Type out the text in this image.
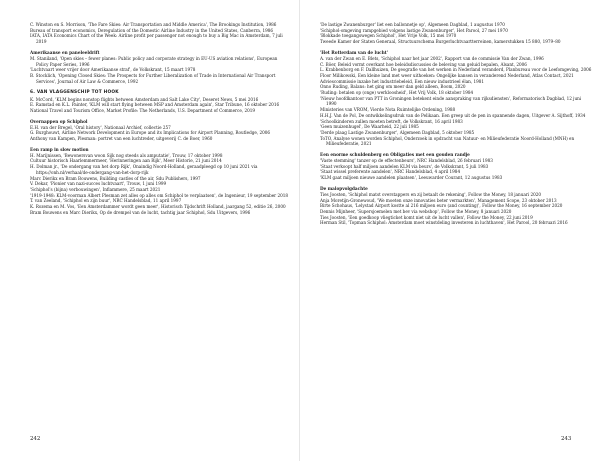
C. Winston en S. Morrison, 'The Fare Skies: Air Transportation and Middle America', The Brookings Institution, 1986
Bureau of transport economics, Deregulation of the Domestic Airline Industry in the United States, Canberra, 1986
IATA, IATA Economics Chart of the Week: Airline profit per passenger not enough to buy a Big Mac in Amsterdam, 7 juli 2019
Amerikaanse en paneleeldrift
M. Staniland, 'Open skies – fewer planes: Public policy and corporate strategy in EU-US aviation relations', European Policy Paper Series, 1996
'Luchtvaart weer vrijer door Amerikaanse straf', de Volkskrant, 15 maart 1978
B. Stocklich, 'Opening Closed Skies: The Prospects for Further Liberalization of Trade in International Air Transport Services', Journal of Air Law & Commerce, 1992
6. VAN VLAGGENSCHIP TOT HOOK
K. McCord, 'KLM begins nonstop flights between Amsterdam and Salt Lake City', Deseret News, 5 mei 2016
E. Ramstad en K.L. Painter, 'KLM will start flying between MSP and Amsterdam again', Star Tribune, 16 oktober 2016
National Travel and Tourism Office, Market Profile: The Netherlands, U.S. Department of Commerce, 2019
Overnappen op Schiphol
E.H. van der Bregel, 'Oral history', Nationaal Archief, collectie 257
G. Burghouwt, Airline Network Development in Europe and its Implications for Airport Planning, Routledge, 2006
Anthony van Kampen, Plesman: portret van een luchtreder, uitgeverij C. de Boer, 1960
Een ramp in slow motion
H. Marijnissen, 'Bewonersvan woon Sijk nog steeds als amputatie', Trouw, 17 oktober 1998
Cultuur historisch Haarlemmermeer, 'Herinneringen aan Rijk', Meer Historie, 21 juni 2014
H. Dolman jr., 'De ondergang van het dorp Rijk', Onaindig Noord-Holland, geraadpleegd op 10 juni 2021 via https://onh.nl/verhaal/de-ondergang-van-het-dorp-rijk
Marc Dierikx en Bram Bouwens, Building castles of the air, Sdu Publishers, 1997
V. Dekar, 'Pionier van nazi-succes luchtvaart', Trouw, 1 juni 1999
'Schiphol's (bijna) verbouwingen', Inflammere, 25 maart 2021
'1919-1948: KLM-voorman Albert Plesman zet alles op alles om Schiphol te verplaatsen', de Ingenieur, 19 september 2018
T. van Zeeland, 'Schiphol en zijn buur', NRC Handelsblad, 11 april 1997
K. Rozema en M. Vos, 'Een Amsterdammer wordt geen meer', Historisch Tijdschrift Holland, jaargang 52, editie 26, 2000
Bram Bouwens en Marc Dierikx, Op de drempel van de lucht, tachtig jaar Schiphol, Sdu Uitgevers, 1996
'De lastige Zwanenburger' liet een ballonnetje op', Algemeen Dagblad, 1 augustus 1970
'Schiphol-omgeving rampgebied volgens lastige Zwanenburger', Het Parool, 27 mei 1970
'Blokkade toegangswegen Schiphol', Het Vrije Volk, 15 mei 1970
Tweede Kamer der Staten Generaal, Structuurschema Burgerluchtvaartterreinen, kamerstukken 15 880, 1979–80
'Het Rotterdam van de lucht'
A. van der Zwan en E. Blets, 'Schiphol naar het jaar 2002', Rapport van de commissie Van der Zwan, 1996
C. Böer, Beleid vormt overkant hoe beleidsdiscussies de beleving van geluid bepalen, Alsant, 2006
L. Krabbenborg en F. Dallhuizen, De geografie van het werken in Nederland veranderd, Planbureau voor de Leefomgeving, 2006
Floor Milikowski, Een kleine land met weer uithoeken: Ongelijke kansen in veranderend Nederland, Atlas Contact, 2021
Adviescommissie inzake het industriebeleid, Een nieuw industrieel élan, 1981
Onno Ruding, Balans: het ging om meer dan geld alleen, Boom, 2020
'Ruding: betalen op (onge) werkloosheid', Het Vrij Volk, 18 oktober 1984
'Nieuw hoofdkantoor van PTT in Groningen betekent einde aanspraking van rijksdiensten', Reformatorisch Dagblad, 12 juni 1990
Ministeries van VROM, Vierde Nota Ruimtelijke Ordening, 1988
H.H.J. Van de Pol, De ontwikkelingsdruk van de Pelikaan. Een greep uit de pen in spannende dagen, Uitgever A. Sijthoff, 1934
'Schoolkinderen zullen moeten betreft, de Volkskrant, 16 april 1983
'Geen muizenhugel', De Waarheid, 22 juli 1985
'Derde plaag Lastige Zwanenburger', Algemeen Dagblad, 5 oktober 1985
ToTO, Analyse wonen worden Schiphol, Onderzoek in opdracht van Natuur- en Milieufederatie Noord-Holland (MNH) en Milieufederatie, 2021
Een enorme schuldenberg en Obligaties met een gouden randje
'Vaste stemming' tanzer op de effectenbeurs', NRC Handelsblad, 26 februari 1983
'Staat verkoopt half miljoen aandelen KLM via beurs', de Volkskrant, 5 juli 1983
'Staat wissel preferente aandelen', NRC Handelsblad, 4 april 1984
'KLM gaat miljoen nieuwe aandelen plaatsen', Leeuwarder Courant, 12 augustus 1983
De malopvolgdachte
Ties Joosten, 'Schiphol matst overstappers en zij betaalt de rekening', Follow the Money, 18 januari 2020
Anja Moretijn-Gronewoud, 'We moeten onze innovaties beter vermarkten', Management Scope, 23 oktober 2013
Birte Schohaus, 'Lelystad Airport kostte al 216 miljoen euro (and counting)', Follow the Money, 16 september 2020
Dennis Mijnheer, 'Supersjoemelen met bev via webshop', Follow the Money, 8 januari 2020
Ties Joosten, 'Een goedkoop vliegticket komt niet uit de lucht vallen', Follow the Money, 22 juni 2019
Herman Stil, 'Topman Schiphol: Amsterdam moet winstdeling investeren in luchthaven', Het Parool, 20 februari 2016
242	243
